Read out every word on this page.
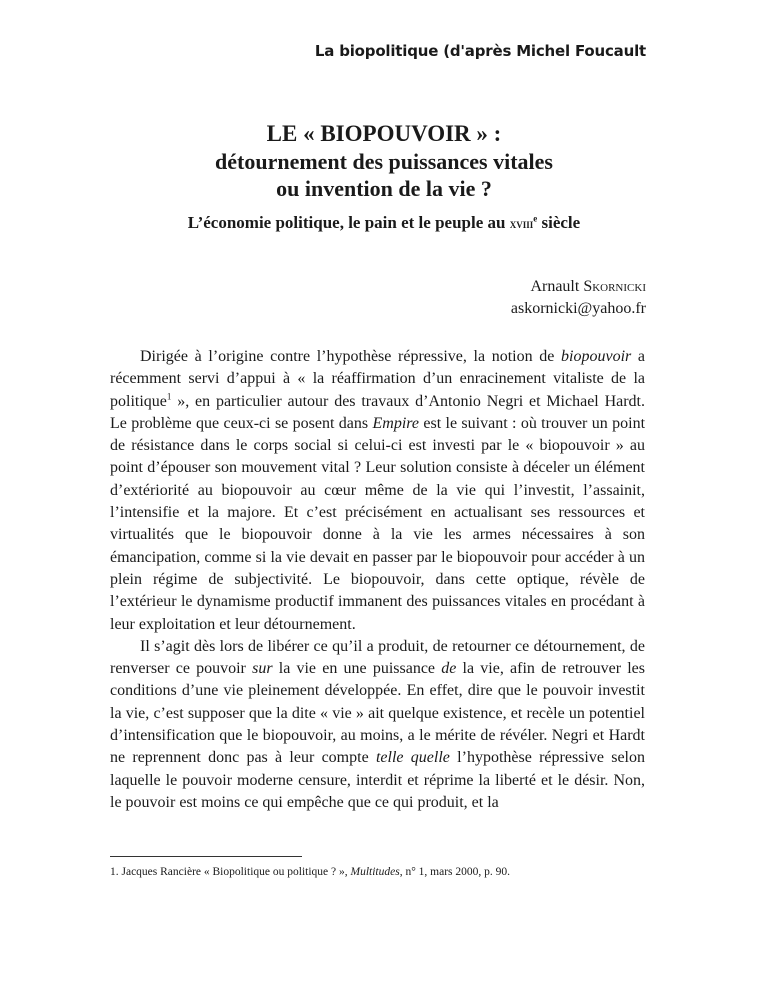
La biopolitique (d'après Michel Foucault
LE « BIOPOUVOIR » :
détournement des puissances vitales
ou invention de la vie ?
L’économie politique, le pain et le peuple au xviii$^e$ siècle
Arnault Skornicki
askornicki@yahoo.fr

Dirigée à l’origine contre l’hypothèse répressive, la notion de biopouvoir a récemment servi d’appui à « la réaffirmation d’un enracinement vitaliste de la politique$^1$ », en particulier autour des travaux d’Antonio Negri et Michael Hardt. Le problème que ceux-ci se posent dans Empire est le suivant : où trouver un point de résistance dans le corps social si celui-ci est investi par le « biopouvoir » au point d’épouser son mouvement vital ? Leur solution consiste à déceler un élément d’extériorité au biopouvoir au cœur même de la vie qui l’investit, l’assainit, l’intensifie et la majore. Et c’est précisément en actualisant ses ressources et virtualités que le biopouvoir donne à la vie les armes nécessaires à son émancipation, comme si la vie devait en passer par le biopouvoir pour accéder à un plein régime de subjectivité. Le biopouvoir, dans cette optique, révèle de l’extérieur le dynamisme productif immanent des puissances vitales en procédant à leur exploitation et leur détournement.

Il s’agit dès lors de libérer ce qu’il a produit, de retourner ce détournement, de renverser ce pouvoir sur la vie en une puissance de la vie, afin de retrouver les conditions d’une vie pleinement développée. En effet, dire que le pouvoir investit la vie, c’est supposer que la dite « vie » ait quelque existence, et recèle un potentiel d’intensification que le biopouvoir, au moins, a le mérite de révéler. Negri et Hardt ne reprennent donc pas à leur compte telle quelle l’hypothèse répressive selon laquelle le pouvoir moderne censure, interdit et réprime la liberté et le désir. Non, le pouvoir est moins ce qui empêche que ce qui produit, et la

1. Jacques Rancière « Biopolitique ou politique ? », Multitudes, n° 1, mars 2000, p. 90.
